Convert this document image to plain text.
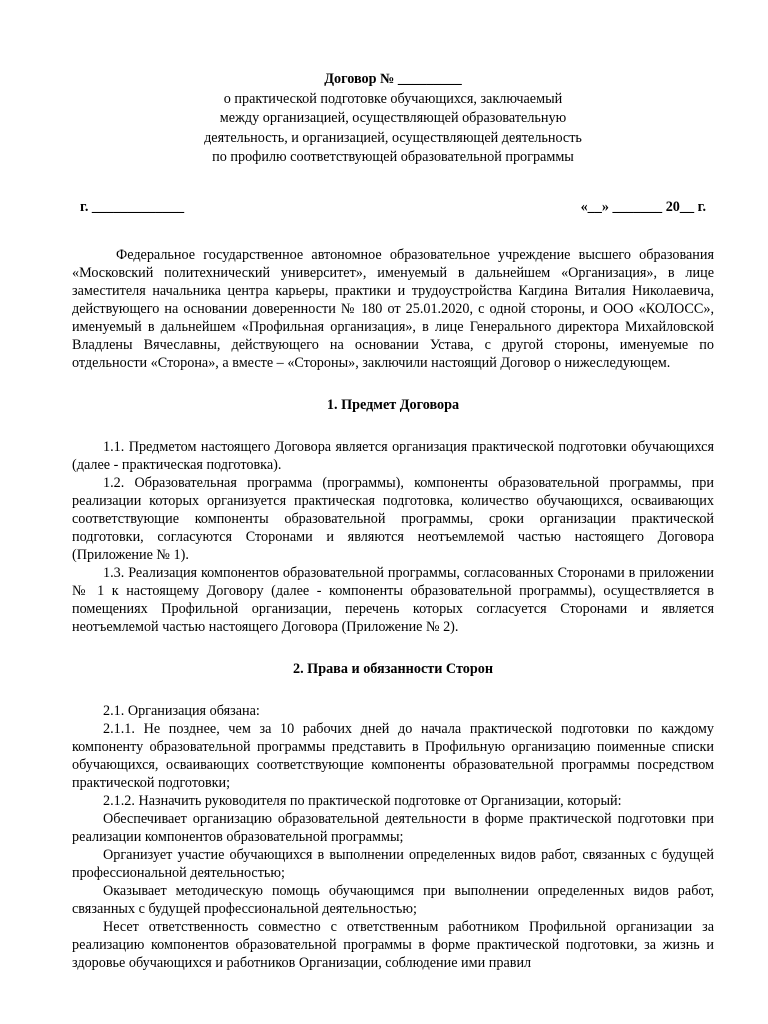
Договор № _________
о практической подготовке обучающихся, заключаемый
между организацией, осуществляющей образовательную
деятельность, и организацией, осуществляющей деятельность
по профилю соответствующей образовательной программы
г. _____________	«__» _______ 20__ г.

Федеральное государственное автономное образовательное учреждение высшего образования «Московский политехнический университет», именуемый в дальнейшем «Организация», в лице заместителя начальника центра карьеры, практики и трудоустройства Кагдина Виталия Николаевича, действующего на основании доверенности № 180 от 25.01.2020, с одной стороны, и ООО «КОЛОСС», именуемый в дальнейшем «Профильная организация», в лице Генерального директора Михайловской Владлены Вячеславны, действующего на основании Устава, с другой стороны, именуемые по отдельности «Сторона», а вместе – «Стороны», заключили настоящий Договор о нижеследующем.

1. Предмет Договора

1.1. Предметом настоящего Договора является организация практической подготовки обучающихся (далее - практическая подготовка).

1.2. Образовательная программа (программы), компоненты образовательной программы, при реализации которых организуется практическая подготовка, количество обучающихся, осваивающих соответствующие компоненты образовательной программы, сроки организации практической подготовки, согласуются Сторонами и являются неотъемлемой частью настоящего Договора (Приложение № 1).

1.3. Реализация компонентов образовательной программы, согласованных Сторонами в приложении № 1 к настоящему Договору (далее - компоненты образовательной программы), осуществляется в помещениях Профильной организации, перечень которых согласуется Сторонами и является неотъемлемой частью настоящего Договора (Приложение № 2).

2. Права и обязанности Сторон

2.1. Организация обязана:

2.1.1. Не позднее, чем за 10 рабочих дней до начала практической подготовки по каждому компоненту образовательной программы представить в Профильную организацию поименные списки обучающихся, осваивающих соответствующие компоненты образовательной программы посредством практической подготовки;

2.1.2. Назначить руководителя по практической подготовке от Организации, который:

Обеспечивает организацию образовательной деятельности в форме практической подготовки при реализации компонентов образовательной программы;

Организует участие обучающихся в выполнении определенных видов работ, связанных с будущей профессиональной деятельностью;

Оказывает методическую помощь обучающимся при выполнении определенных видов работ, связанных с будущей профессиональной деятельностью;

Несет ответственность совместно с ответственным работником Профильной организации за реализацию компонентов образовательной программы в форме практической подготовки, за жизнь и здоровье обучающихся и работников Организации, соблюдение ими правил
